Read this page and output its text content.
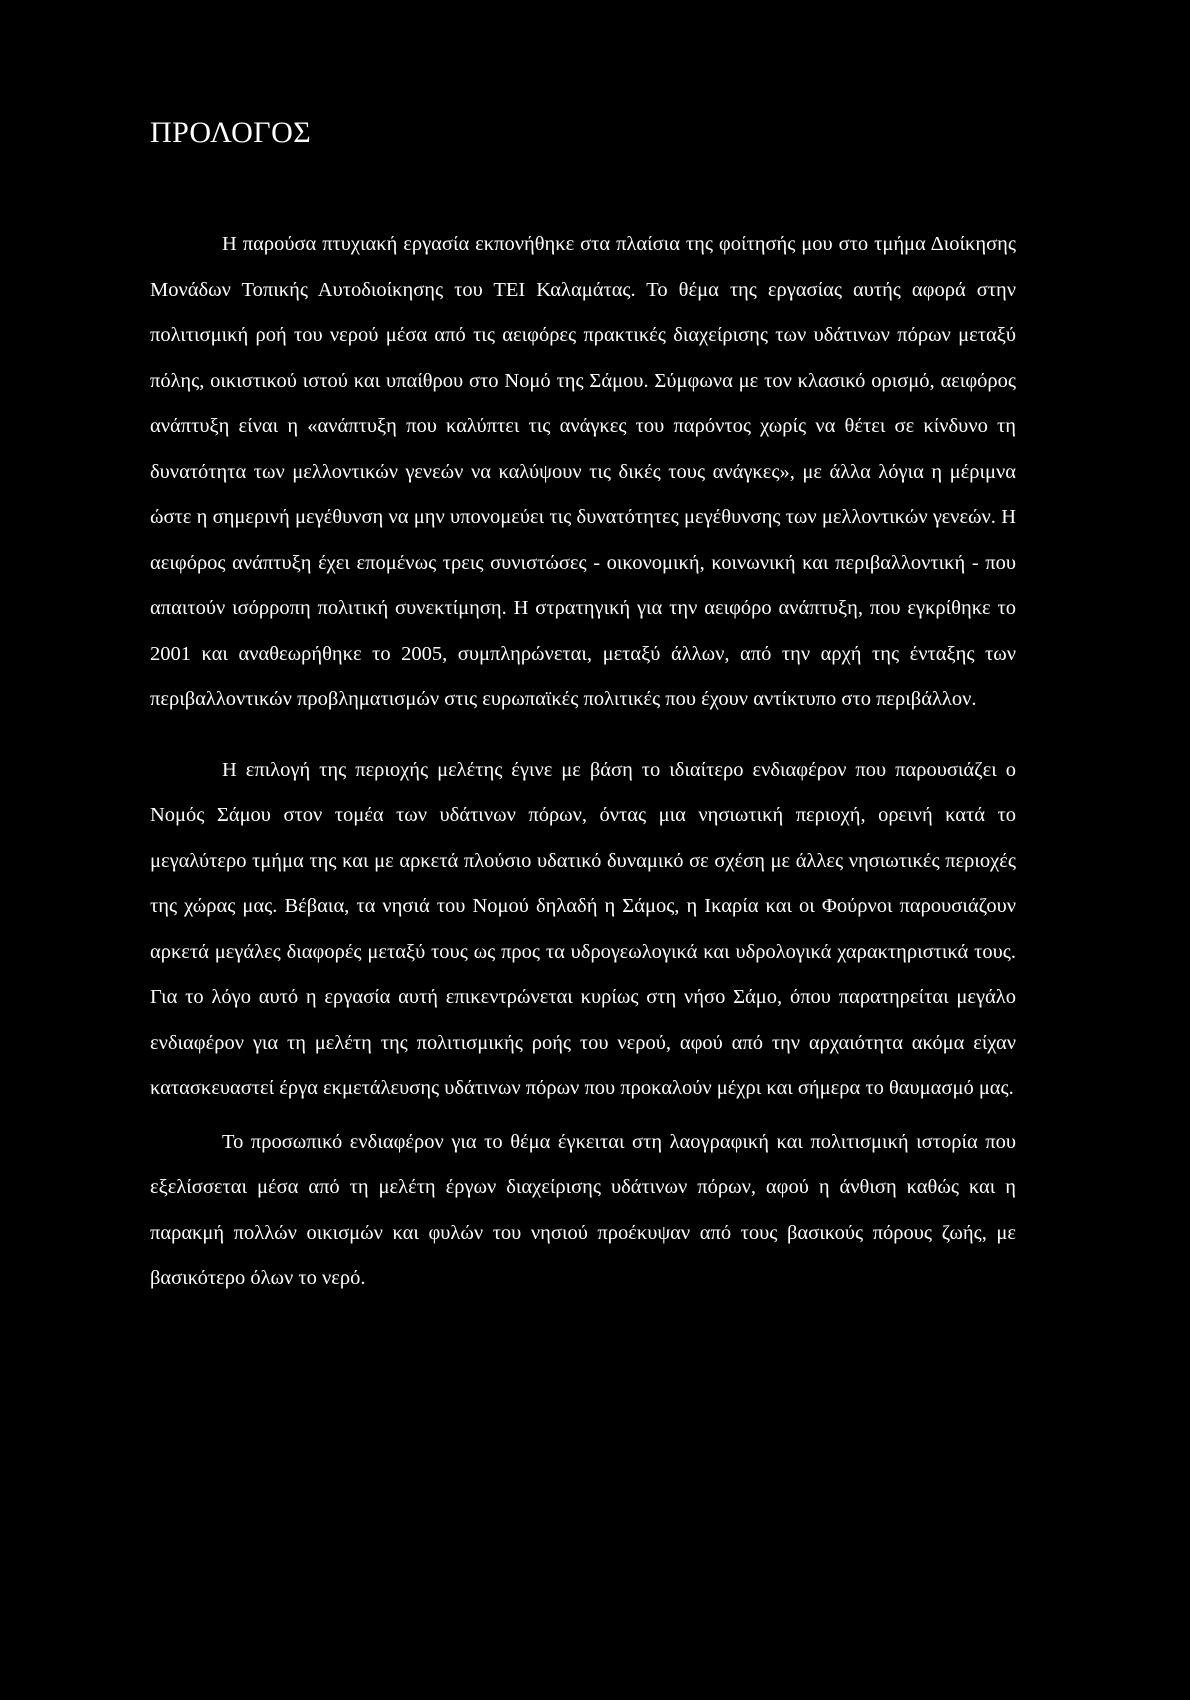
ΠΡΟΛΟΓΟΣ

Η παρούσα πτυχιακή εργασία εκπονήθηκε στα πλαίσια της φοίτησής μου στο τμήμα Διοίκησης Μονάδων Τοπικής Αυτοδιοίκησης του ΤΕΙ Καλαμάτας. Το θέμα της εργασίας αυτής αφορά στην πολιτισμική ροή του νερού μέσα από τις αειφόρες πρακτικές διαχείρισης των υδάτινων πόρων μεταξύ πόλης, οικιστικού ιστού και υπαίθρου στο Νομό της Σάμου. Σύμφωνα με τον κλασικό ορισμό, αειφόρος ανάπτυξη είναι η «ανάπτυξη που καλύπτει τις ανάγκες του παρόντος χωρίς να θέτει σε κίνδυνο τη δυνατότητα των μελλοντικών γενεών να καλύψουν τις δικές τους ανάγκες», με άλλα λόγια η μέριμνα ώστε η σημερινή μεγέθυνση να μην υπονομεύει τις δυνατότητες μεγέθυνσης των μελλοντικών γενεών. Η αειφόρος ανάπτυξη έχει επομένως τρεις συνιστώσες - οικονομική, κοινωνική και περιβαλλοντική - που απαιτούν ισόρροπη πολιτική συνεκτίμηση. Η στρατηγική για την αειφόρο ανάπτυξη, που εγκρίθηκε το 2001 και αναθεωρήθηκε το 2005, συμπληρώνεται, μεταξύ άλλων, από την αρχή της ένταξης των περιβαλλοντικών προβληματισμών στις ευρωπαϊκές πολιτικές που έχουν αντίκτυπο στο περιβάλλον.

Η επιλογή της περιοχής μελέτης έγινε με βάση το ιδιαίτερο ενδιαφέρον που παρουσιάζει ο Νομός Σάμου στον τομέα των υδάτινων πόρων, όντας μια νησιωτική περιοχή, ορεινή κατά το μεγαλύτερο τμήμα της και με αρκετά πλούσιο υδατικό δυναμικό σε σχέση με άλλες νησιωτικές περιοχές της χώρας μας. Βέβαια, τα νησιά του Νομού δηλαδή η Σάμος, η Ικαρία και οι Φούρνοι παρουσιάζουν αρκετά μεγάλες διαφορές μεταξύ τους ως προς τα υδρογεωλογικά και υδρολογικά χαρακτηριστικά τους. Για το λόγο αυτό η εργασία αυτή επικεντρώνεται κυρίως στη νήσο Σάμο, όπου παρατηρείται μεγάλο ενδιαφέρον για τη μελέτη της πολιτισμικής ροής του νερού, αφού από την αρχαιότητα ακόμα είχαν κατασκευαστεί έργα εκμετάλευσης υδάτινων πόρων που προκαλούν μέχρι και σήμερα το θαυμασμό μας.

Το προσωπικό ενδιαφέρον για το θέμα έγκειται στη λαογραφική και πολιτισμική ιστορία που εξελίσσεται μέσα από τη μελέτη έργων διαχείρισης υδάτινων πόρων, αφού η άνθιση καθώς και η παρακμή πολλών οικισμών και φυλών του νησιού προέκυψαν από τους βασικούς πόρους ζωής, με βασικότερο όλων το νερό.
